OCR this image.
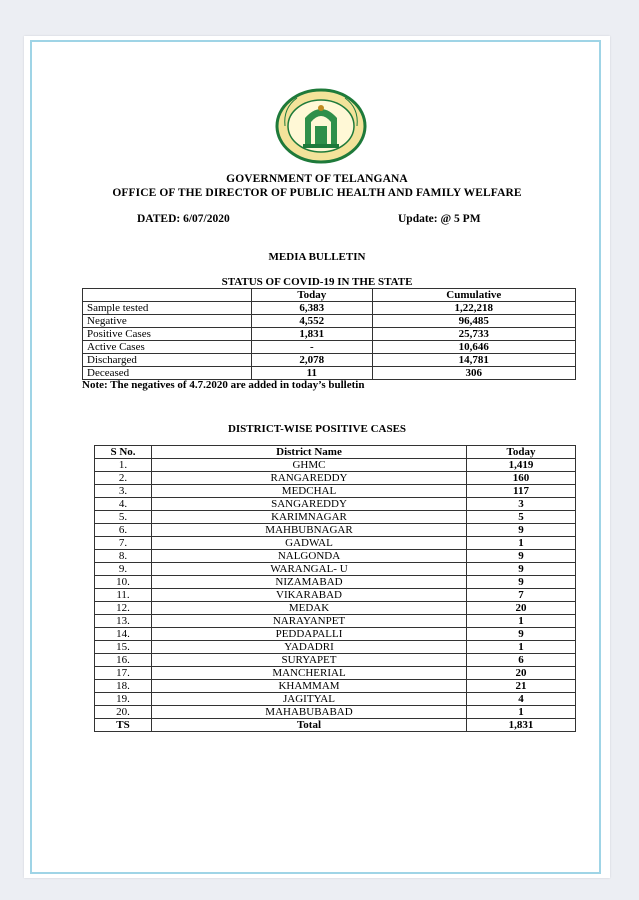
GOVERNMENT OF TELANGANA
OFFICE OF THE DIRECTOR OF PUBLIC HEALTH AND FAMILY WELFARE
DATED: 6/07/2020	Update: @ 5 PM
MEDIA BULLETIN
STATUS OF COVID-19 IN THE STATE
	Today	Cumulative
Sample tested	6,383	1,22,218
Negative	4,552	96,485
Positive Cases	1,831	25,733
Active Cases	-	10,646
Discharged	2,078	14,781
Deceased	11	306
Note: The negatives of 4.7.2020 are added in today’s bulletin
DISTRICT-WISE POSITIVE CASES
S No.	District Name	Today
1.	GHMC	1,419
2.	RANGAREDDY	160
3.	MEDCHAL	117
4.	SANGAREDDY	3
5.	KARIMNAGAR	5
6.	MAHBUBNAGAR	9
7.	GADWAL	1
8.	NALGONDA	9
9.	WARANGAL- U	9
10.	NIZAMABAD	9
11.	VIKARABAD	7
12.	MEDAK	20
13.	NARAYANPET	1
14.	PEDDAPALLI	9
15.	YADADRI	1
16.	SURYAPET	6
17.	MANCHERIAL	20
18.	KHAMMAM	21
19.	JAGITYAL	4
20.	MAHABUBABAD	1
TS	Total	1,831
